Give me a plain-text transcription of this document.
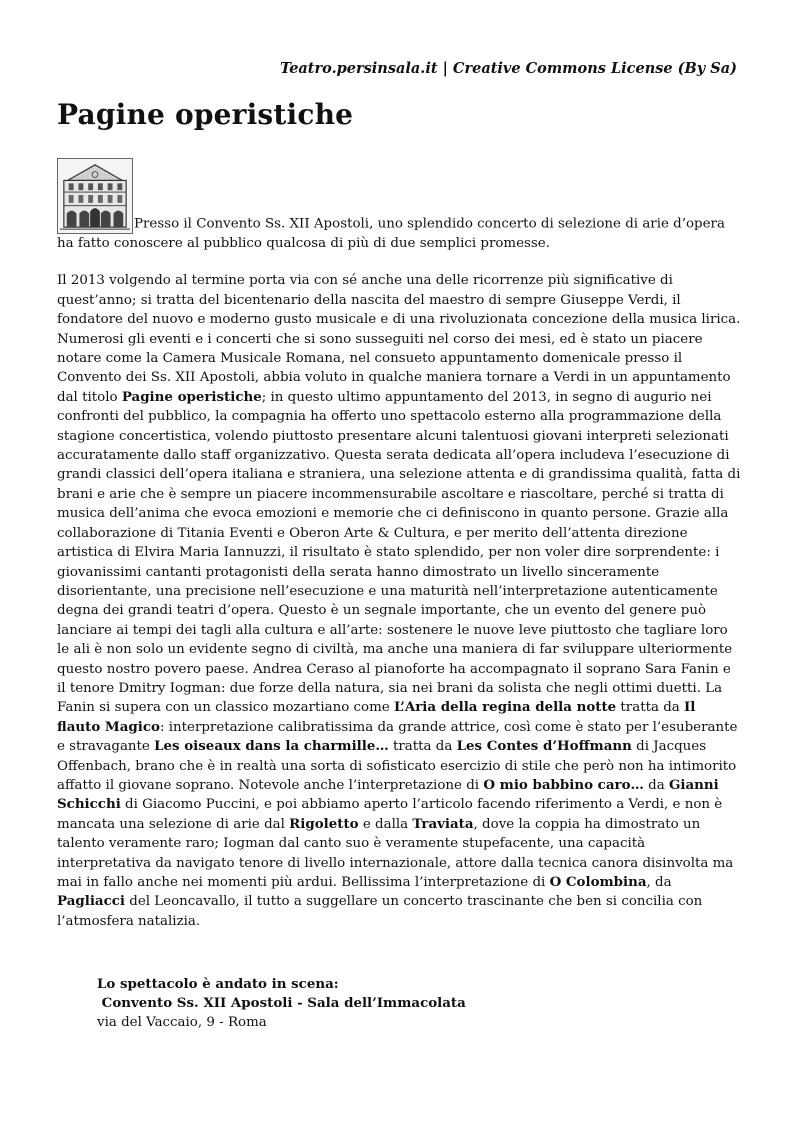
Teatro.persinsala.it | Creative Commons License (By Sa)
Pagine operistiche

Presso il Convento Ss. XII Apostoli, uno splendido concerto di selezione di arie d’opera ha fatto conoscere al pubblico qualcosa di più di due semplici promesse.

Il 2013 volgendo al termine porta via con sé anche una delle ricorrenze più significative di quest’anno; si tratta del bicentenario della nascita del maestro di sempre Giuseppe Verdi, il fondatore del nuovo e moderno gusto musicale e di una rivoluzionata concezione della musica lirica. Numerosi gli eventi e i concerti che si sono susseguiti nel corso dei mesi, ed è stato un piacere notare come la Camera Musicale Romana, nel consueto appuntamento domenicale presso il Convento dei Ss. XII Apostoli, abbia voluto in qualche maniera tornare a Verdi in un appuntamento dal titolo Pagine operistiche; in questo ultimo appuntamento del 2013, in segno di augurio nei confronti del pubblico, la compagnia ha offerto uno spettacolo esterno alla programmazione della stagione concertistica, volendo piuttosto presentare alcuni talentuosi giovani interpreti selezionati accuratamente dallo staff organizzativo. Questa serata dedicata all’opera includeva l’esecuzione di grandi classici dell’opera italiana e straniera, una selezione attenta e di grandissima qualità, fatta di brani e arie che è sempre un piacere incommensurabile ascoltare e riascoltare, perché si tratta di musica dell’anima che evoca emozioni e memorie che ci definiscono in quanto persone. Grazie alla collaborazione di Titania Eventi e Oberon Arte & Cultura, e per merito dell’attenta direzione artistica di Elvira Maria Iannuzzi, il risultato è stato splendido, per non voler dire sorprendente: i giovanissimi cantanti protagonisti della serata hanno dimostrato un livello sinceramente disorientante, una precisione nell’esecuzione e una maturità nell’interpretazione autenticamente degna dei grandi teatri d’opera. Questo è un segnale importante, che un evento del genere può lanciare ai tempi dei tagli alla cultura e all’arte: sostenere le nuove leve piuttosto che tagliare loro le ali è non solo un evidente segno di civiltà, ma anche una maniera di far sviluppare ulteriormente questo nostro povero paese. Andrea Ceraso al pianoforte ha accompagnato il soprano Sara Fanin e il tenore Dmitry Iogman: due forze della natura, sia nei brani da solista che negli ottimi duetti. La Fanin si supera con un classico mozartiano come L’Aria della regina della notte tratta da Il flauto Magico: interpretazione calibratissima da grande attrice, così come è stato per l’esuberante e stravagante Les oiseaux dans la charmille… tratta da Les Contes d’Hoffmann di Jacques Offenbach, brano che è in realtà una sorta di sofisticato esercizio di stile che però non ha intimorito affatto il giovane soprano. Notevole anche l’interpretazione di O mio babbino caro… da Gianni Schicchi di Giacomo Puccini, e poi abbiamo aperto l’articolo facendo riferimento a Verdi, e non è mancata una selezione di arie dal Rigoletto e dalla Traviata, dove la coppia ha dimostrato un talento veramente raro; Iogman dal canto suo è veramente stupefacente, una capacità interpretativa da navigato tenore di livello internazionale, attore dalla tecnica canora disinvolta ma mai in fallo anche nei momenti più ardui. Bellissima l’interpretazione di O Colombina, da Pagliacci del Leoncavallo, il tutto a suggellare un concerto trascinante che ben si concilia con l’atmosfera natalizia.

Lo spettacolo è andato in scena:
Convento Ss. XII Apostoli - Sala dell’Immacolata
via del Vaccaio, 9 - Roma
